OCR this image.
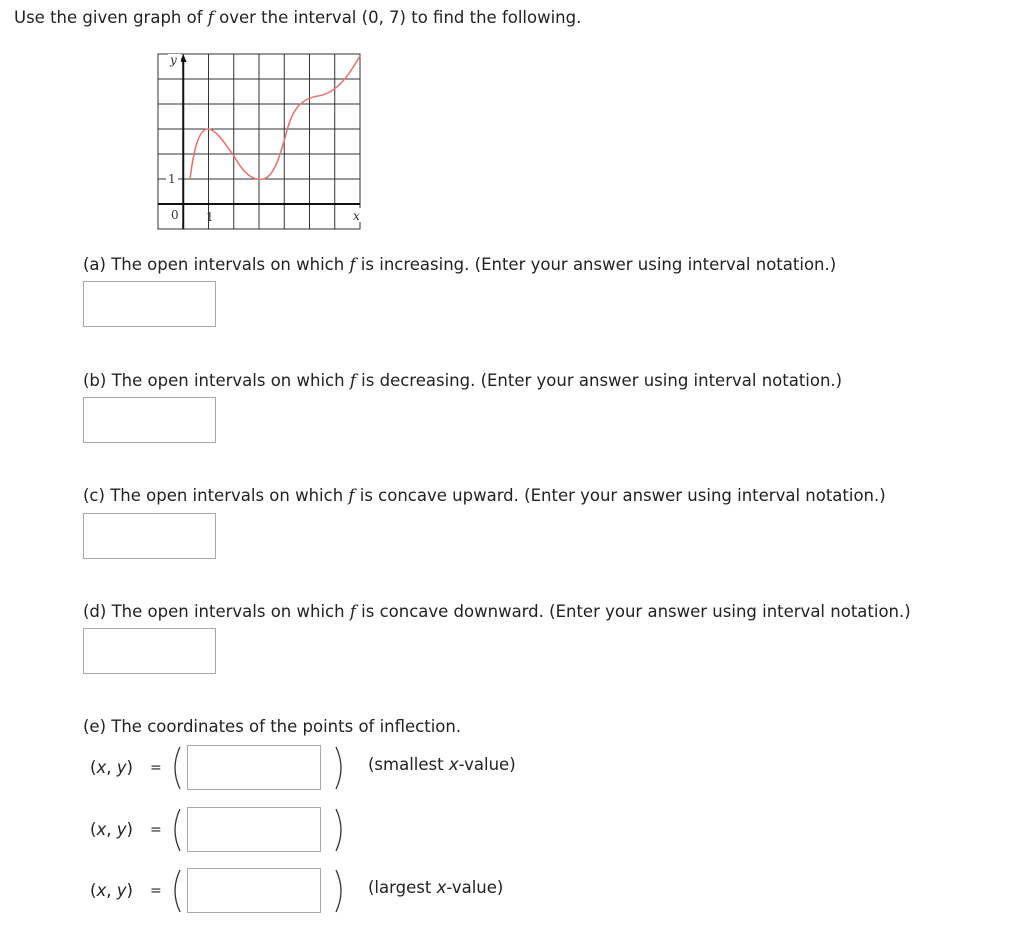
Use the given graph of f over the interval (0, 7) to find the following.
y
x
0 1
1
(a) The open intervals on which f is increasing. (Enter your answer using interval notation.)
(b) The open intervals on which f is decreasing. (Enter your answer using interval notation.)
(c) The open intervals on which f is concave upward. (Enter your answer using interval notation.)
(d) The open intervals on which f is concave downward. (Enter your answer using interval notation.)
(e) The coordinates of the points of inflection.
(x, y) =	(smallest x-value)
(x, y) =
(x, y) =	(largest x-value)
